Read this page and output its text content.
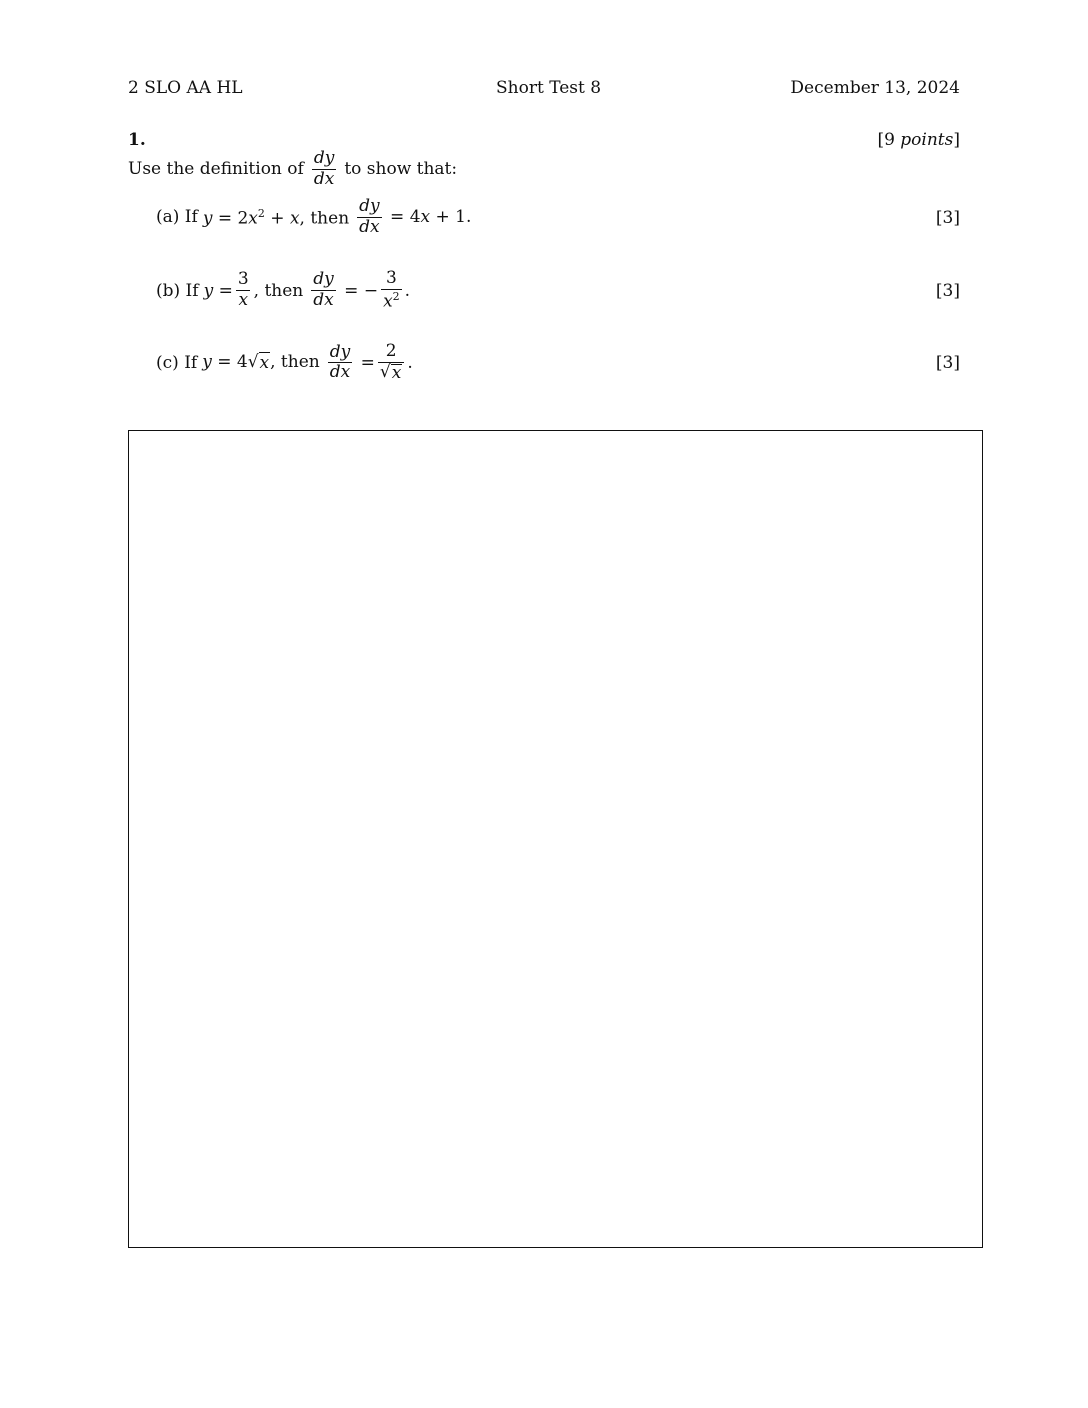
2 SLO AA HL	Short Test 8	December 13, 2024
1.	[9 points]
Use the definition of $\frac{dy}{dx}$ to show that:
(a) If $y = 2x^2 + x$, then $\frac{dy}{dx} = 4x + 1$.	[3]
(b) If $y = \frac{3}{x}$ , then $\frac{dy}{dx}$ = − $\frac{3}{x^2}$ .	[3]
(c) If y = 4 √ x , then $\frac{dy}{dx} = \frac{2}{√ x}$ .	[3]
